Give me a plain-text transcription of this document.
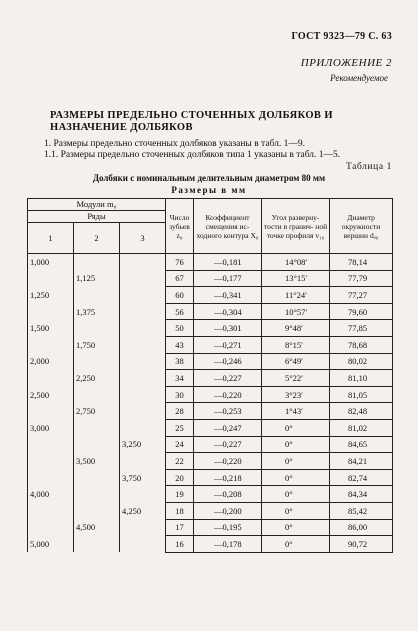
ГОСТ 9323—79 С. 63
ПРИЛОЖЕНИЕ 2
Рекомендуемое
РАЗМЕРЫ ПРЕДЕЛЬНО СТОЧЕННЫХ ДОЛБЯКОВ И НАЗНАЧЕНИЕ ДОЛБЯКОВ
1. Размеры предельно сточенных долбяков указаны в табл. 1—9.
1.1. Размеры предельно сточенных долбяков типа 1 указаны в табл. 1—5.
Таблица 1
Долбяки с номинальным делительным диаметром 80 мм
Размеры в мм
Модули m₀			Число зубьев z₀	Коэффициент смещения ис- ходного контура X₀	Угол разверну- тости в гранич- ной точке профиля v₁₀	Диаметр окружности вершин dₐ₀
Ряды						
1	2	3				
1,000			76	—0,181	14°08′	78,14
	1,125		67	—0,177	13°15′	77,79
1,250			60	—0,341	11°24′	77,27
	1,375		56	—0,304	10°57′	79,60
1,500			50	—0,301	9°48′	77,85
	1,750		43	—0,271	8°15′	78,68
2,000			38	—0,246	6°49′	80,02
	2,250		34	—0,227	5°22′	81,10
2,500			30	—0,220	3°23′	81,05
	2,750		28	—0,253	1°43′	82,48
3,000			25	—0,247	0°	81,02
		3,250	24	—0,227	0°	84,65
	3,500		22	—0,220	0°	84,21
		3,750	20	—0,218	0°	82,74
4,000			19	—0,208	0°	84,34
		4,250	18	—0,200	0°	85,42
	4,500		17	—0,195	0°	86,00
5,000			16	—0,178	0°	90,72
